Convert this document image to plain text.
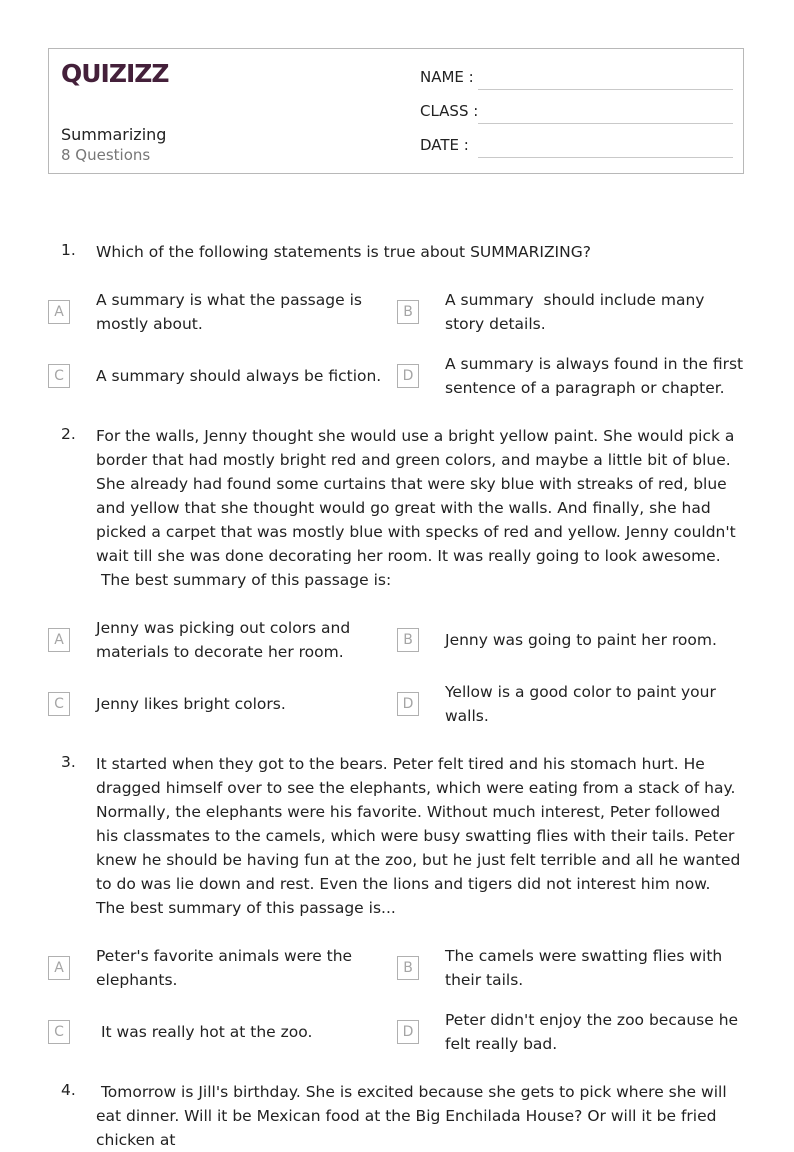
QUIZIZZ
Summarizing
8 Questions
NAME :
CLASS :
DATE :
1. Which of the following statements is true about SUMMARIZING?
A
A summary is what the passage is mostly about.
B
A summary  should include many story details.
C	A summary should always be fiction.	D
A summary is always found in the first sentence of a paragraph or chapter.
2. For the walls, Jenny thought she would use a bright yellow paint. She would pick a border that had mostly bright red and green colors, and maybe a little bit of blue. She already had found some curtains that were sky blue with streaks of red, blue and yellow that she thought would go great with the walls. And finally, she had picked a carpet that was mostly blue with specks of red and yellow. Jenny couldn't wait till she was done decorating her room. It was really going to look awesome.
The best summary of this passage is:
A
Jenny was picking out colors and materials to decorate her room.
B	Jenny was going to paint her room.
C	Jenny likes bright colors.	D
Yellow is a good color to paint your walls.
3. It started when they got to the bears. Peter felt tired and his stomach hurt. He dragged himself over to see the elephants, which were eating from a stack of hay. Normally, the elephants were his favorite. Without much interest, Peter followed his classmates to the camels, which were busy swatting flies with their tails. Peter knew he should be having fun at the zoo, but he just felt terrible and all he wanted to do was lie down and rest. Even the lions and tigers did not interest him now.
The best summary of this passage is...
A
Peter's favorite animals were the elephants.
B
The camels were swatting flies with their tails.
C	It was really hot at the zoo.	D
Peter didn't enjoy the zoo because he felt really bad.
4. Tomorrow is Jill's birthday. She is excited because she gets to pick where she will eat dinner. Will it be Mexican food at the Big Enchilada House? Or will it be fried chicken at
